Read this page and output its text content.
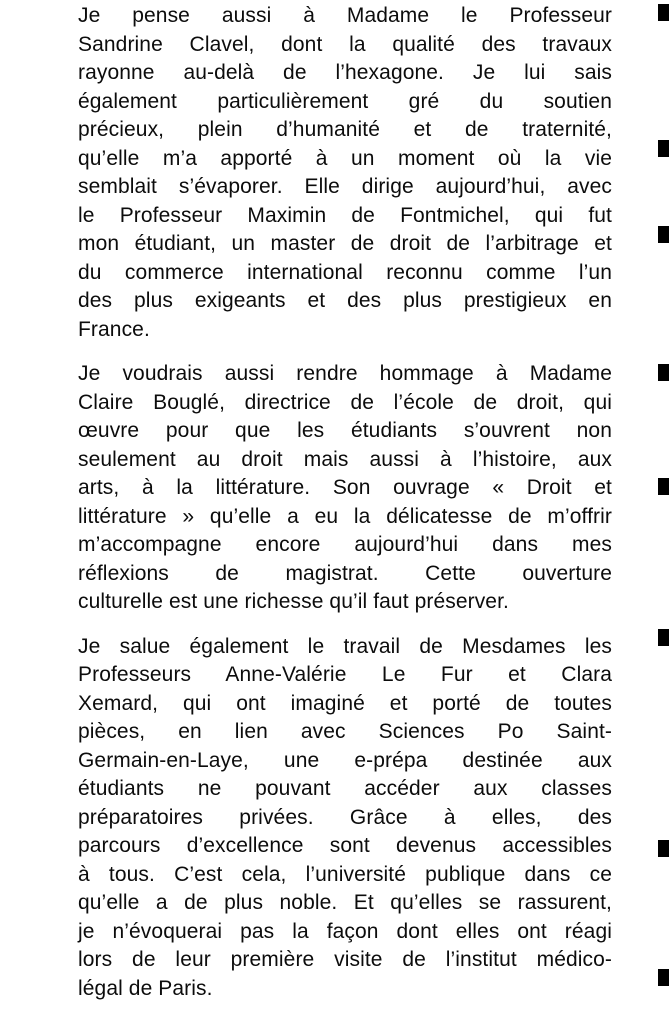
Je pense aussi à Madame le Professeur
Sandrine Clavel, dont la qualité des travaux
rayonne au-delà de l’hexagone. Je lui sais
également particulièrement gré du soutien
précieux, plein d’humanité et de traternité,
qu’elle m’a apporté à un moment où la vie
semblait s’évaporer. Elle dirige aujourd’hui, avec
le Professeur Maximin de Fontmichel, qui fut
mon étudiant, un master de droit de l’arbitrage et
du commerce international reconnu comme l’un
des plus exigeants et des plus prestigieux en
France.
Je voudrais aussi rendre hommage à Madame
Claire Bouglé, directrice de l’école de droit, qui
œuvre pour que les étudiants s’ouvrent non
seulement au droit mais aussi à l’histoire, aux
arts, à la littérature. Son ouvrage « Droit et
littérature » qu’elle a eu la délicatesse de m’offrir
m’accompagne encore aujourd’hui dans mes
réflexions de magistrat. Cette ouverture
culturelle est une richesse qu’il faut préserver.
Je salue également le travail de Mesdames les
Professeurs Anne-Valérie Le Fur et Clara
Xemard, qui ont imaginé et porté de toutes
pièces, en lien avec Sciences Po Saint-
Germain-en-Laye, une e-prépa destinée aux
étudiants ne pouvant accéder aux classes
préparatoires privées. Grâce à elles, des
parcours d’excellence sont devenus accessibles
à tous. C’est cela, l’université publique dans ce
qu’elle a de plus noble. Et qu’elles se rassurent,
je n’évoquerai pas la façon dont elles ont réagi
lors de leur première visite de l’institut médico-
légal de Paris.
